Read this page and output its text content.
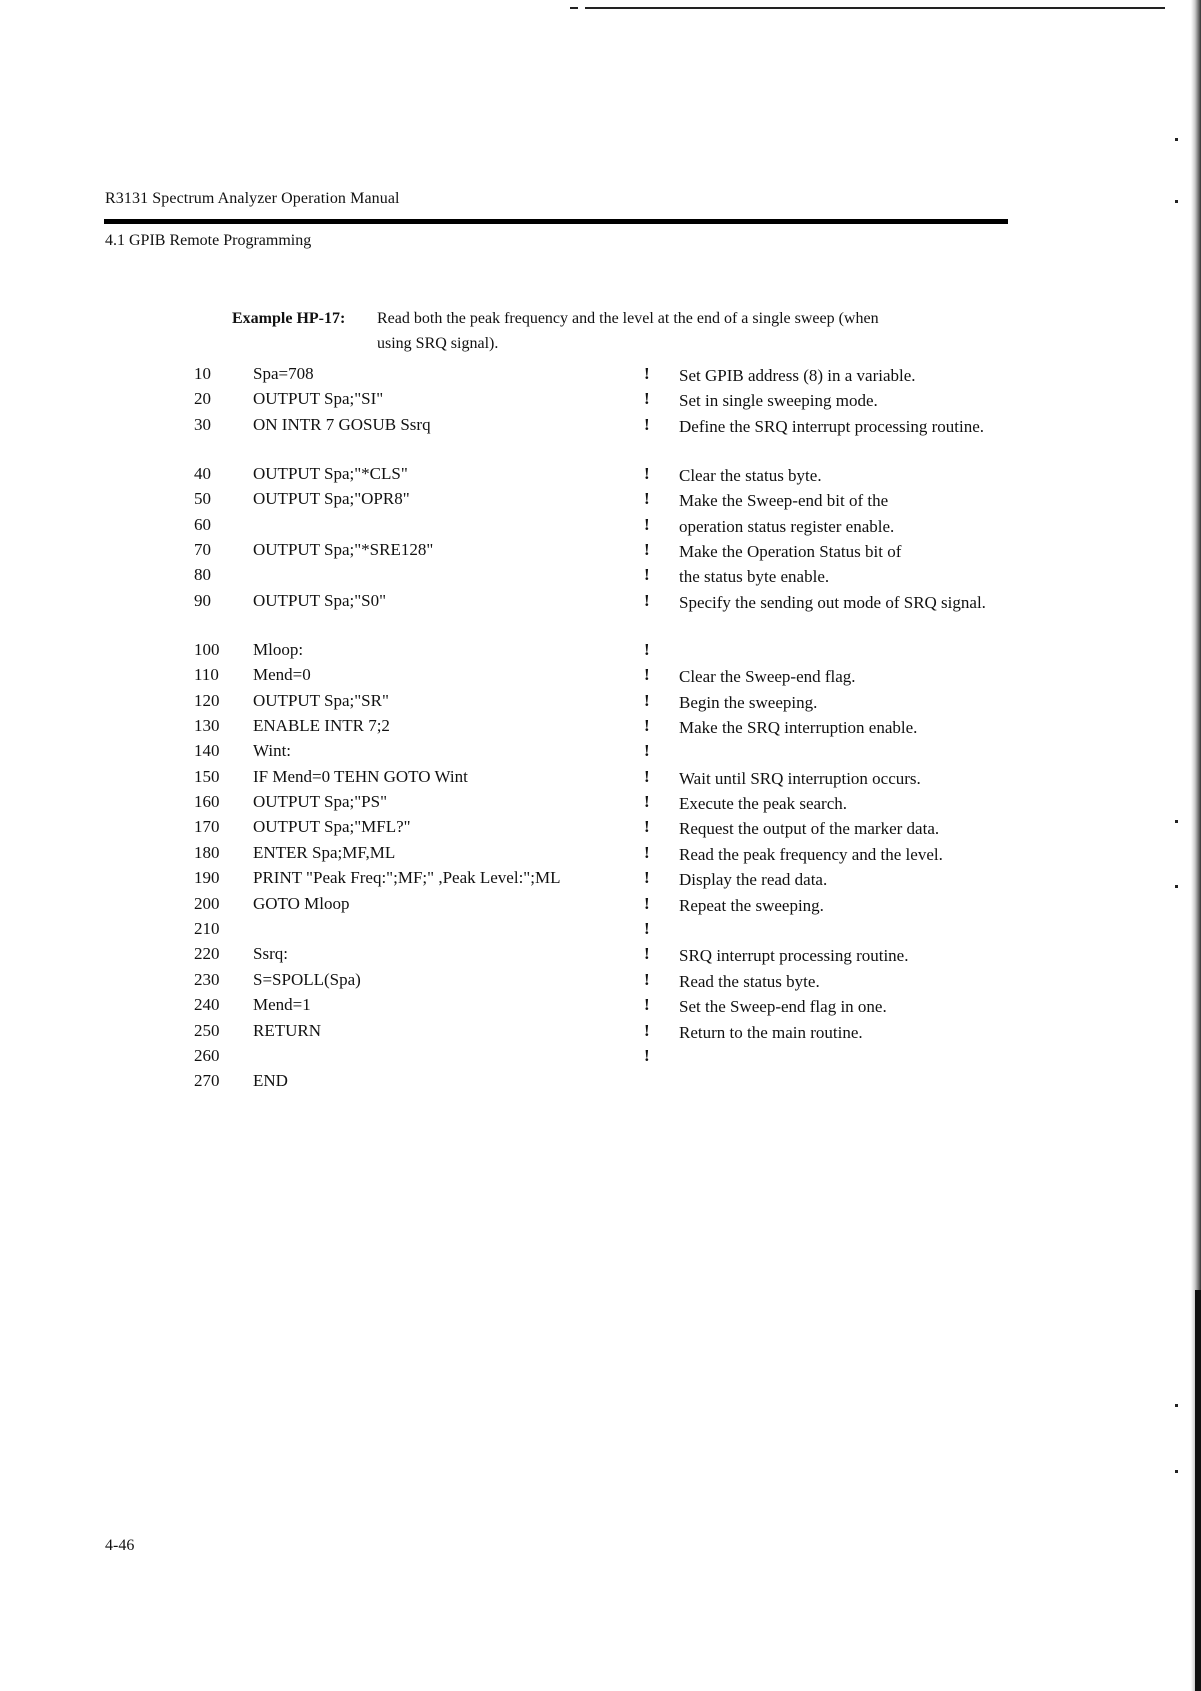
R3131 Spectrum Analyzer Operation Manual
4.1 GPIB Remote Programming
Example HP-17: Read both the peak frequency and the level at the end of a single sweep (when
using SRQ signal).
10	Spa=708	! Set GPIB address (8) in a variable.
20	OUTPUT Spa;"SI"	! Set in single sweeping mode.
30	ON INTR 7 GOSUB Ssrq	! Define the SRQ interrupt processing routine.
40	OUTPUT Spa;"*CLS"	! Clear the status byte.
50	OUTPUT Spa;"OPR8"	! Make the Sweep-end bit of the
60	! operation status register enable.
70	OUTPUT Spa;"*SRE128"	! Make the Operation Status bit of
80	! the status byte enable.
90	OUTPUT Spa;"S0"	! Specify the sending out mode of SRQ signal.
100	Mloop:	!
110	Mend=0	! Clear the Sweep-end flag.
120	OUTPUT Spa;"SR"	! Begin the sweeping.
130	ENABLE INTR 7;2	! Make the SRQ interruption enable.
140	Wint:	!
150	IF Mend=0 TEHN GOTO Wint	! Wait until SRQ interruption occurs.
160	OUTPUT Spa;"PS"	! Execute the peak search.
170	OUTPUT Spa;"MFL?"	! Request the output of the marker data.
180	ENTER Spa;MF,ML	! Read the peak frequency and the level.
190	PRINT "Peak Freq:";MF;" ,Peak Level:";ML	! Display the read data.
200	GOTO Mloop	! Repeat the sweeping.
210	!
220	Ssrq:	! SRQ interrupt processing routine.
230	S=SPOLL(Spa)	! Read the status byte.
240	Mend=1	! Set the Sweep-end flag in one.
250	RETURN	! Return to the main routine.
260	!
270	END
4-46
